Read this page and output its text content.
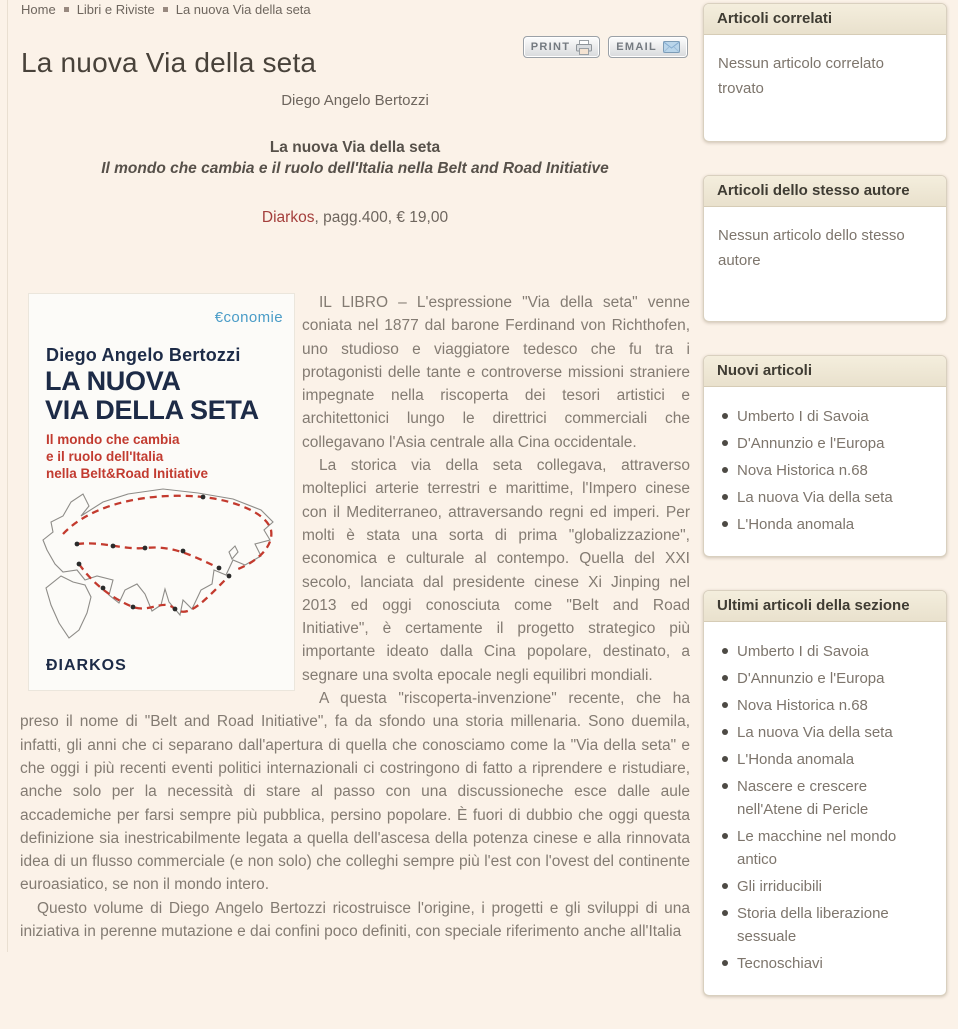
Home Libri e Riviste La nuova Via della seta
La nuova Via della seta	PRINT	EMAIL
Diego Angelo Bertozzi
La nuova Via della seta
Il mondo che cambia e il ruolo dell'Italia nella Belt and Road Initiative
Diarkos, pagg.400, € 19,00
€conomie
Diego Angelo Bertozzi
LA NUOVA
VIA DELLA SETA
Il mondo che cambia
e il ruolo dell'Italia
nella Belt&Road Initiative
ĐIARKOS

IL LIBRO – L'espressione "Via della seta" venne coniata nel 1877 dal barone Ferdinand von Richthofen, uno studioso e viaggiatore tedesco che fu tra i protagonisti delle tante e controverse missioni straniere impegnate nella riscoperta dei tesori artistici e architettonici lungo le direttrici commerciali che collegavano l'Asia centrale alla Cina occidentale.

La storica via della seta collegava, attraverso molteplici arterie terrestri e marittime, l'Impero cinese con il Mediterraneo, attraversando regni ed imperi. Per molti è stata una sorta di prima "globalizzazione", economica e culturale al contempo. Quella del XXI secolo, lanciata dal presidente cinese Xi Jinping nel 2013 ed oggi conosciuta come "Belt and Road Initiative", è certamente il progetto strategico più importante ideato dalla Cina popolare, destinato, a segnare una svolta epocale negli equilibri mondiali.

A questa "riscoperta-invenzione" recente, che ha preso il nome di "Belt and Road Initiative", fa da sfondo una storia millenaria. Sono duemila, infatti, gli anni che ci separano dall'apertura di quella che conosciamo come la "Via della seta" e che oggi i più recenti eventi politici internazionali ci costringono di fatto a riprendere e ristudiare, anche solo per la necessità di stare al passo con una discussioneche esce dalle aule accademiche per farsi sempre più pubblica, persino popolare. È fuori di dubbio che oggi questa definizione sia inestricabilmente legata a quella dell'ascesa della potenza cinese e alla rinnovata idea di un flusso commerciale (e non solo) che colleghi sempre più l'est con l'ovest del continente euroasiatico, se non il mondo intero.

Questo volume di Diego Angelo Bertozzi ricostruisce l'origine, i progetti e gli sviluppi di una iniziativa in perenne mutazione e dai confini poco definiti, con speciale riferimento anche all'Italia

Articoli correlati
Nessun articolo correlato trovato
Articoli dello stesso autore
Nessun articolo dello stesso autore
Nuovi articoli
Umberto I di Savoia
D'Annunzio e l'Europa
Nova Historica n.68
La nuova Via della seta
L'Honda anomala
Ultimi articoli della sezione
Umberto I di Savoia
D'Annunzio e l'Europa
Nova Historica n.68
La nuova Via della seta
L'Honda anomala
Nascere e crescere nell'Atene di Pericle
Le macchine nel mondo antico
Gli irriducibili
Storia della liberazione sessuale
Tecnoschiavi
